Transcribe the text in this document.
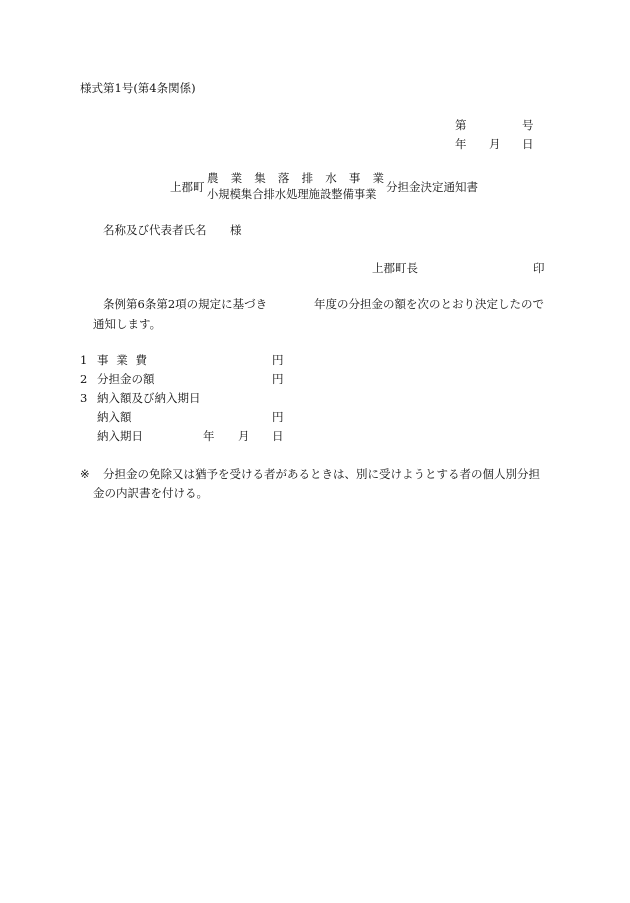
様式第1号(第4条関係)
第	号
年 月 日
上郡町
農 業 集 落 排 水 事 業
小規模集合排水処理施設整備事業
分担金決定通知書
名称及び代表者氏名 様
上郡町長	印
条例第6条第2項の規定に基づき	年度の分担金の額を次のとおり決定したので
通知します。
1 事 業 費	円
2 分担金の額	円
3 納入額及び納入期日
納入額	円
納入期日	年 月 日
※ 分担金の免除又は猶予を受ける者があるときは、別に受けようとする者の個人別分担
金の内訳書を付ける。
